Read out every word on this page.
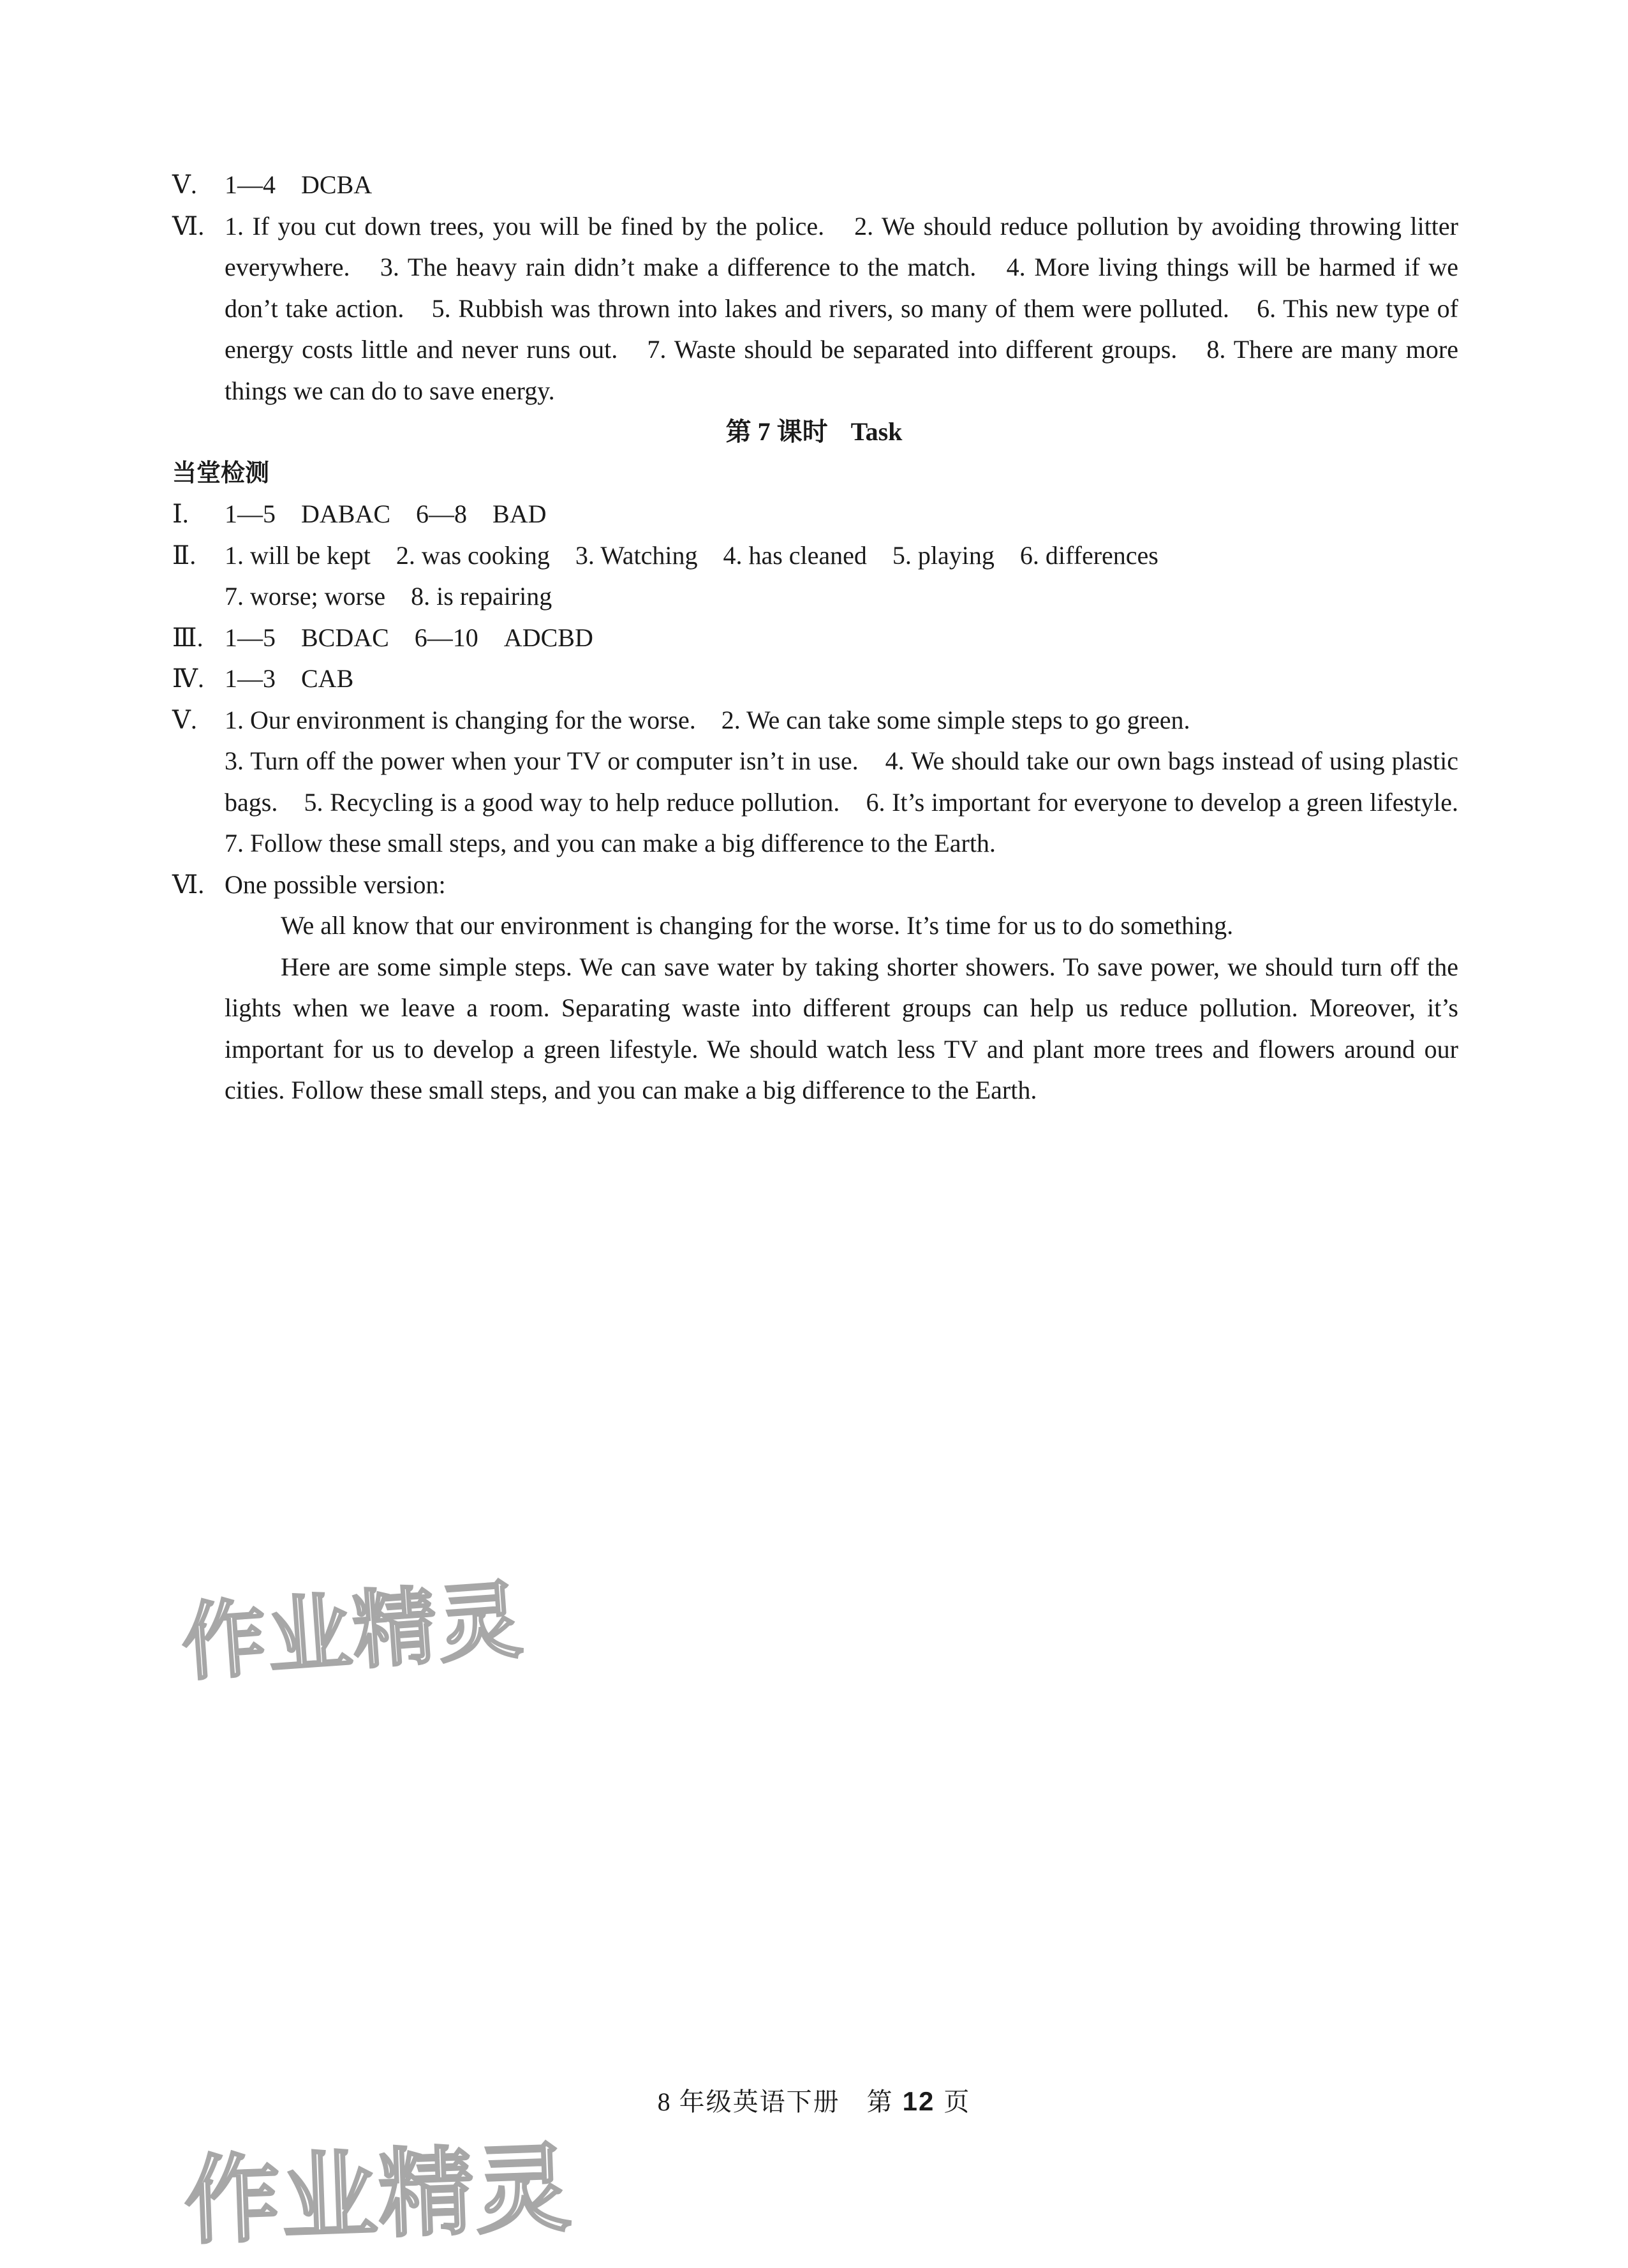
Ⅴ.	1—4　DCBA
Ⅵ. 1. If you cut down trees, you will be fined by the police.　2. We should reduce pollution by avoiding throwing litter everywhere.　3. The heavy rain didn’t make a difference to the match.　4. More living things will be harmed if we don’t take action.　5. Rubbish was thrown into lakes and rivers, so many of them were polluted.　6. This new type of energy costs little and never runs out.　7. Waste should be separated into different groups.　8. There are many more things we can do to save energy.
第 7 课时 Task
当堂检测
Ⅰ.	1—5　DABAC　6—8　BAD
Ⅱ.	1. will be kept　2. was cooking　3. Watching　4. has cleaned　5. playing　6. differences
7. worse; worse　8. is repairing
Ⅲ. 1—5　BCDAC　6—10　ADCBD
Ⅳ. 1—3　CAB
Ⅴ.	1. Our environment is changing for the worse.　2. We can take some simple steps to go green.
3. Turn off the power when your TV or computer isn’t in use.　4. We should take our own bags instead of using plastic bags.　5. Recycling is a good way to help reduce pollution.　6. It’s important for everyone to develop a green lifestyle.　7. Follow these small steps, and you can make a big difference to the Earth.
Ⅵ. One possible version:
We all know that our environment is changing for the worse. It’s time for us to do something.
Here are some simple steps. We can save water by taking shorter showers. To save power, we should turn off the lights when we leave a room. Separating waste into different groups can help us reduce pollution. Moreover, it’s important for us to develop a green lifestyle. We should watch less TV and plant more trees and flowers around our cities. Follow these small steps, and you can make a big difference to the Earth.
作业精灵
作业精灵
8 年级英语下册　第 12 页
